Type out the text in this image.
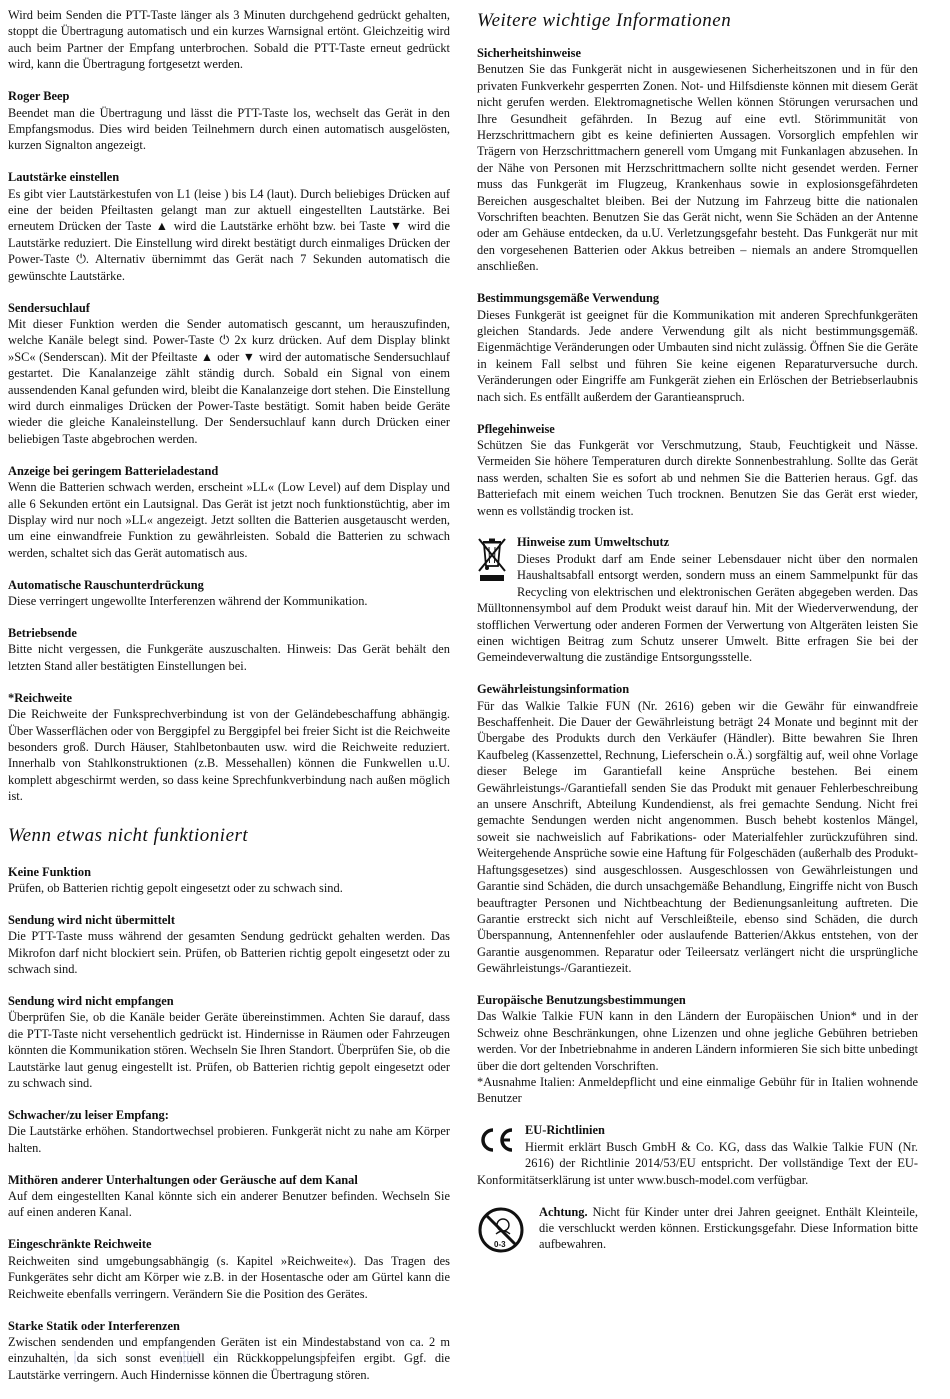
Wird beim Senden die PTT-Taste länger als 3 Minuten durchgehend gedrückt gehalten, stoppt die Übertragung automatisch und ein kurzes Warnsignal ertönt. Gleichzeitig wird auch beim Partner der Empfang unterbrochen. Sobald die PTT-Taste erneut gedrückt wird, kann die Übertragung fortgesetzt werden.

Roger Beep

Beendet man die Übertragung und lässt die PTT-Taste los, wechselt das Gerät in den Empfangsmodus. Dies wird beiden Teilnehmern durch einen automatisch ausgelösten, kurzen Signalton angezeigt.

Lautstärke einstellen

Es gibt vier Lautstärkestufen von L1 (leise ) bis L4 (laut). Durch beliebiges Drücken auf eine der beiden Pfeiltasten gelangt man zur aktuell eingestellten Lautstärke. Bei erneutem Drücken der Taste ▲ wird die Lautstärke erhöht bzw. bei Taste ▼ wird die Lautstärke reduziert. Die Einstellung wird direkt bestätigt durch einmaliges Drücken der Power-Taste ⏻. Alternativ übernimmt das Gerät nach 7 Sekunden automatisch die gewünschte Lautstärke.

Sendersuchlauf

Mit dieser Funktion werden die Sender automatisch gescannt, um herauszufinden, welche Kanäle belegt sind. Power-Taste ⏻ 2x kurz drücken. Auf dem Display blinkt »SC« (Senderscan). Mit der Pfeiltaste ▲ oder ▼ wird der automatische Sendersuchlauf gestartet. Die Kanalanzeige zählt ständig durch. Sobald ein Signal von einem aussendenden Kanal gefunden wird, bleibt die Kanalanzeige dort stehen. Die Einstellung wird durch einmaliges Drücken der Power-Taste bestätigt. Somit haben beide Geräte wieder die gleiche Kanaleinstellung. Der Sendersuchlauf kann durch Drücken einer beliebigen Taste abgebrochen werden.

Anzeige bei geringem Batterieladestand

Wenn die Batterien schwach werden, erscheint »LL« (Low Level) auf dem Display und alle 6 Sekunden ertönt ein Lautsignal. Das Gerät ist jetzt noch funktionstüchtig, aber im Display wird nur noch »LL« angezeigt. Jetzt sollten die Batterien ausgetauscht werden, um eine einwandfreie Funktion zu gewährleisten. Sobald die Batterien zu schwach werden, schaltet sich das Gerät automatisch aus.

Automatische Rauschunterdrückung

Diese verringert ungewollte Interferenzen während der Kommunikation.

Betriebsende

Bitte nicht vergessen, die Funkgeräte auszuschalten. Hinweis: Das Gerät behält den letzten Stand aller bestätigten Einstellungen bei.

*Reichweite

Die Reichweite der Funksprechverbindung ist von der Geländebeschaffung abhängig. Über Wasserflächen oder von Berggipfel zu Berggipfel bei freier Sicht ist die Reichweite besonders groß. Durch Häuser, Stahlbetonbauten usw. wird die Reichweite reduziert. Innerhalb von Stahlkonstruktionen (z.B. Messehallen) können die Funkwellen u.U. komplett abgeschirmt werden, so dass keine Sprechfunkverbindung nach außen möglich ist.

Wenn etwas nicht funktioniert
Keine Funktion

Prüfen, ob Batterien richtig gepolt eingesetzt oder zu schwach sind.

Sendung wird nicht übermittelt

Die PTT-Taste muss während der gesamten Sendung gedrückt gehalten werden. Das Mikrofon darf nicht blockiert sein. Prüfen, ob Batterien richtig gepolt eingesetzt oder zu schwach sind.

Sendung wird nicht empfangen

Überprüfen Sie, ob die Kanäle beider Geräte übereinstimmen. Achten Sie darauf, dass die PTT-Taste nicht versehentlich gedrückt ist. Hindernisse in Räumen oder Fahrzeugen könnten die Kommunikation stören. Wechseln Sie Ihren Standort. Überprüfen Sie, ob die Lautstärke laut genug eingestellt ist. Prüfen, ob Batterien richtig gepolt eingesetzt oder zu schwach sind.

Schwacher/zu leiser Empfang:

Die Lautstärke erhöhen. Standortwechsel probieren. Funkgerät nicht zu nahe am Körper halten.

Mithören anderer Unterhaltungen oder Geräusche auf dem Kanal

Auf dem eingestellten Kanal könnte sich ein anderer Benutzer befinden. Wechseln Sie auf einen anderen Kanal.

Eingeschränkte Reichweite

Reichweiten sind umgebungsabhängig (s. Kapitel »Reichweite«). Das Tragen des Funkgerätes sehr dicht am Körper wie z.B. in der Hosentasche oder am Gürtel kann die Reichweite ebenfalls verringern. Verändern Sie die Position des Gerätes.

Starke Statik oder Interferenzen

Zwischen sendenden und empfangenden Geräten ist ein Mindestabstand von ca. 2 m einzuhalten, da sich sonst eventuell ein Rückkoppelungspfeifen ergibt. Ggf. die Lautstärke verringern. Auch Hindernisse können die Übertragung stören.

Weitere wichtige Informationen
Sicherheitshinweise

Benutzen Sie das Funkgerät nicht in ausgewiesenen Sicherheitszonen und in für den privaten Funkverkehr gesperrten Zonen. Not- und Hilfsdienste können mit diesem Gerät nicht gerufen werden. Elektromagnetische Wellen können Störungen verursachen und Ihre Gesundheit gefährden. In Bezug auf eine evtl. Störimmunität von Herzschrittmachern gibt es keine definierten Aussagen. Vorsorglich empfehlen wir Trägern von Herzschrittmachern generell vom Umgang mit Funkanlagen abzusehen. In der Nähe von Personen mit Herzschrittmachern sollte nicht gesendet werden. Ferner muss das Funkgerät im Flugzeug, Krankenhaus sowie in explosionsgefährdeten Bereichen ausgeschaltet bleiben. Bei der Nutzung im Fahrzeug bitte die nationalen Vorschriften beachten. Benutzen Sie das Gerät nicht, wenn Sie Schäden an der Antenne oder am Gehäuse entdecken, da u.U. Verletzungsgefahr besteht. Das Funkgerät nur mit den vorgesehenen Batterien oder Akkus betreiben – niemals an andere Stromquellen anschließen.

Bestimmungsgemäße Verwendung

Dieses Funkgerät ist geeignet für die Kommunikation mit anderen Sprechfunkgeräten gleichen Standards. Jede andere Verwendung gilt als nicht bestimmungsgemäß. Eigenmächtige Veränderungen oder Umbauten sind nicht zulässig. Öffnen Sie die Geräte in keinem Fall selbst und führen Sie keine eigenen Reparaturversuche durch. Veränderungen oder Eingriffe am Funkgerät ziehen ein Erlöschen der Betriebserlaubnis nach sich. Es entfällt außerdem der Garantieanspruch.

Pflegehinweise

Schützen Sie das Funkgerät vor Verschmutzung, Staub, Feuchtigkeit und Nässe. Vermeiden Sie höhere Temperaturen durch direkte Sonnenbestrahlung. Sollte das Gerät nass werden, schalten Sie es sofort ab und nehmen Sie die Batterien heraus. Ggf. das Batteriefach mit einem weichen Tuch trocknen. Benutzen Sie das Gerät erst wieder, wenn es vollständig trocken ist.

Hinweise zum Umweltschutz

Dieses Produkt darf am Ende seiner Lebensdauer nicht über den normalen Haushaltsabfall entsorgt werden, sondern muss an einem Sammelpunkt für das Recycling von elektrischen und elektronischen Geräten abgegeben werden. Das Mülltonnensymbol auf dem Produkt weist darauf hin. Mit der Wiederverwendung, der stofflichen Verwertung oder anderen Formen der Verwertung von Altgeräten leisten Sie einen wichtigen Beitrag zum Schutz unserer Umwelt. Bitte erfragen Sie bei der Gemeindeverwaltung die zuständige Entsorgungsstelle.

Gewährleistungsinformation

Für das Walkie Talkie FUN (Nr. 2616) geben wir die Gewähr für einwandfreie Beschaffenheit. Die Dauer der Gewährleistung beträgt 24 Monate und beginnt mit der Übergabe des Produkts durch den Verkäufer (Händler). Bitte bewahren Sie Ihren Kaufbeleg (Kassenzettel, Rechnung, Lieferschein o.Ä.) sorgfältig auf, weil ohne Vorlage dieser Belege im Garantiefall keine Ansprüche bestehen. Bei einem Gewährleistungs-/Garantiefall senden Sie das Produkt mit genauer Fehlerbeschreibung an unsere Anschrift, Abteilung Kundendienst, als frei gemachte Sendung. Nicht frei gemachte Sendungen werden nicht angenommen. Busch behebt kostenlos Mängel, soweit sie nachweislich auf Fabrikations- oder Materialfehler zurückzuführen sind. Weitergehende Ansprüche sowie eine Haftung für Folgeschäden (außerhalb des Produkt-Haftungsgesetzes) sind ausgeschlossen. Ausgeschlossen von Gewährleistungen und Garantie sind Schäden, die durch unsachgemäße Behandlung, Eingriffe nicht von Busch beauftragter Personen und Nichtbeachtung der Bedienungsanleitung auftreten. Die Garantie erstreckt sich nicht auf Verschleißteile, ebenso sind Schäden, die durch Überspannung, Antennenfehler oder auslaufende Batterien/Akkus entstehen, von der Garantie ausgenommen. Reparatur oder Teileersatz verlängert nicht die ursprüngliche Gewährleistungs-/Garantiezeit.

Europäische Benutzungsbestimmungen

Das Walkie Talkie FUN kann in den Ländern der Europäischen Union* und in der Schweiz ohne Beschränkungen, ohne Lizenzen und ohne jegliche Gebühren betrieben werden. Vor der Inbetriebnahme in anderen Ländern informieren Sie sich bitte unbedingt über die dort geltenden Vorschriften.

*Ausnahme Italien: Anmeldepflicht und eine einmalige Gebühr für in Italien wohnende Benutzer

EU-Richtlinien

Hiermit erklärt Busch GmbH & Co. KG, dass das Walkie Talkie FUN (Nr. 2616) der Richtlinie 2014/53/EU entspricht. Der vollständige Text der EU-Konformitätserklärung ist unter www.busch-model.com verfügbar.

0-3

Achtung. Nicht für Kinder unter drei Jahren geeignet. Enthält Kleinteile, die verschluckt werden können. Erstickungsgefahr. Diese Information bitte aufbewahren.
